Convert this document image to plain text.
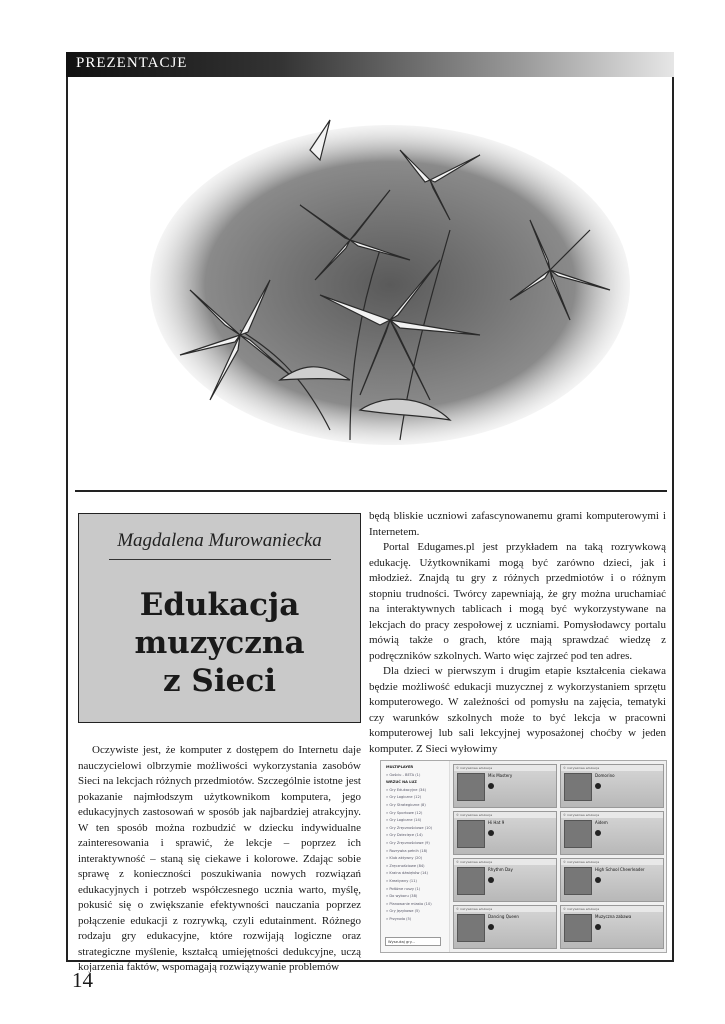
PREZENTACJE
Magdalena Murowaniecka
Edukacja
muzyczna
z Sieci

Oczywiste jest, że komputer z dostępem do Internetu daje nauczycielowi olbrzymie możliwości wykorzystania zasobów Sieci na lekcjach różnych przedmiotów. Szczególnie istotne jest pokazanie najmłodszym użytkownikom komputera, jego edukacyjnych zastosowań w sposób jak najbardziej atrakcyjny. W ten sposób można rozbudzić w dziecku indywidualne zainteresowania i sprawić, że lekcje – poprzez ich interaktywność – staną się ciekawe i kolorowe. Zdając sobie sprawę z konieczności poszukiwania nowych rozwiązań edukacyjnych i potrzeb współczesnego ucznia warto, myślę, pokusić się o zwiększanie efektywności nauczania poprzez połączenie edukacji z rozrywką, czyli edutainment. Różnego rodzaju gry edukacyjne, które rozwijają logiczne oraz strategiczne myślenie, kształcą umiejętności dedukcyjne, uczą kojarzenia faktów, wspomagają rozwiązywanie problemów

będą bliskie uczniowi zafascynowanemu grami komputerowymi i Internetem.

Portal Edugames.pl jest przykładem na taką rozrywkową edukację. Użytkownikami mogą być zarówno dzieci, jak i młodzież. Znajdą tu gry z różnych przedmiotów i o różnym stopniu trudności. Twórcy zapewniają, że gry można uruchamiać na interaktywnych tablicach i mogą być wykorzystywane na lekcjach do pracy zespołowej z uczniami. Pomysłodawcy portalu mówią także o grach, które mają sprawdzać wiedzę z podręczników szkolnych. Warto więc zajrzeć pod ten adres.

Dla dzieci w pierwszym i drugim etapie kształcenia ciekawa będzie możliwość edukacji muzycznej z wykorzystaniem sprzętu komputerowego. W zależności od pomysłu na zajęcia, tematyki czy warunków szkolnych może to być lekcja w pracowni komputerowej lub sali lekcyjnej wyposażonej choćby w jeden komputer. Z Sieci wyłowimy

MULTIPLAYER
» Gościu - BETA (1)
WRZUĆ NA LUZ
» Gry Edukacyjne (34)
» Gry Logiczne (12)
» Gry Strategiczne (8)
» Gry Sportowe (12)
» Gry Logiczne (14)
» Gry Zręcznościowe (10)
» Gry Dziecięce (14)
» Gry Zręcznościowe (9)
» Rozrywka pełnih (18)
» Klub aktywny (20)
» Zręcznościowe (84)
» Kraina dźwięków (14)
» Kreatywny (11)
» Połóżne ruszy (1)
» Do wyboru (38)
» Planowanie miasto (10)
» Gry Językowe (5)
» Przyroda (5)
Wyszukaj gry...
© rozrywkowa edukacja
Mix Mastery
© rozrywkowa edukacja
Domorino
© rozrywkowa edukacja
Hi Hat 9
© rozrywkowa edukacja
Aidem
© rozrywkowa edukacja
Rhythm Day
© rozrywkowa edukacja
High School Cheerleader
© rozrywkowa edukacja
Dancing Queen
© rozrywkowa edukacja
Muzyczna zabawa
14
